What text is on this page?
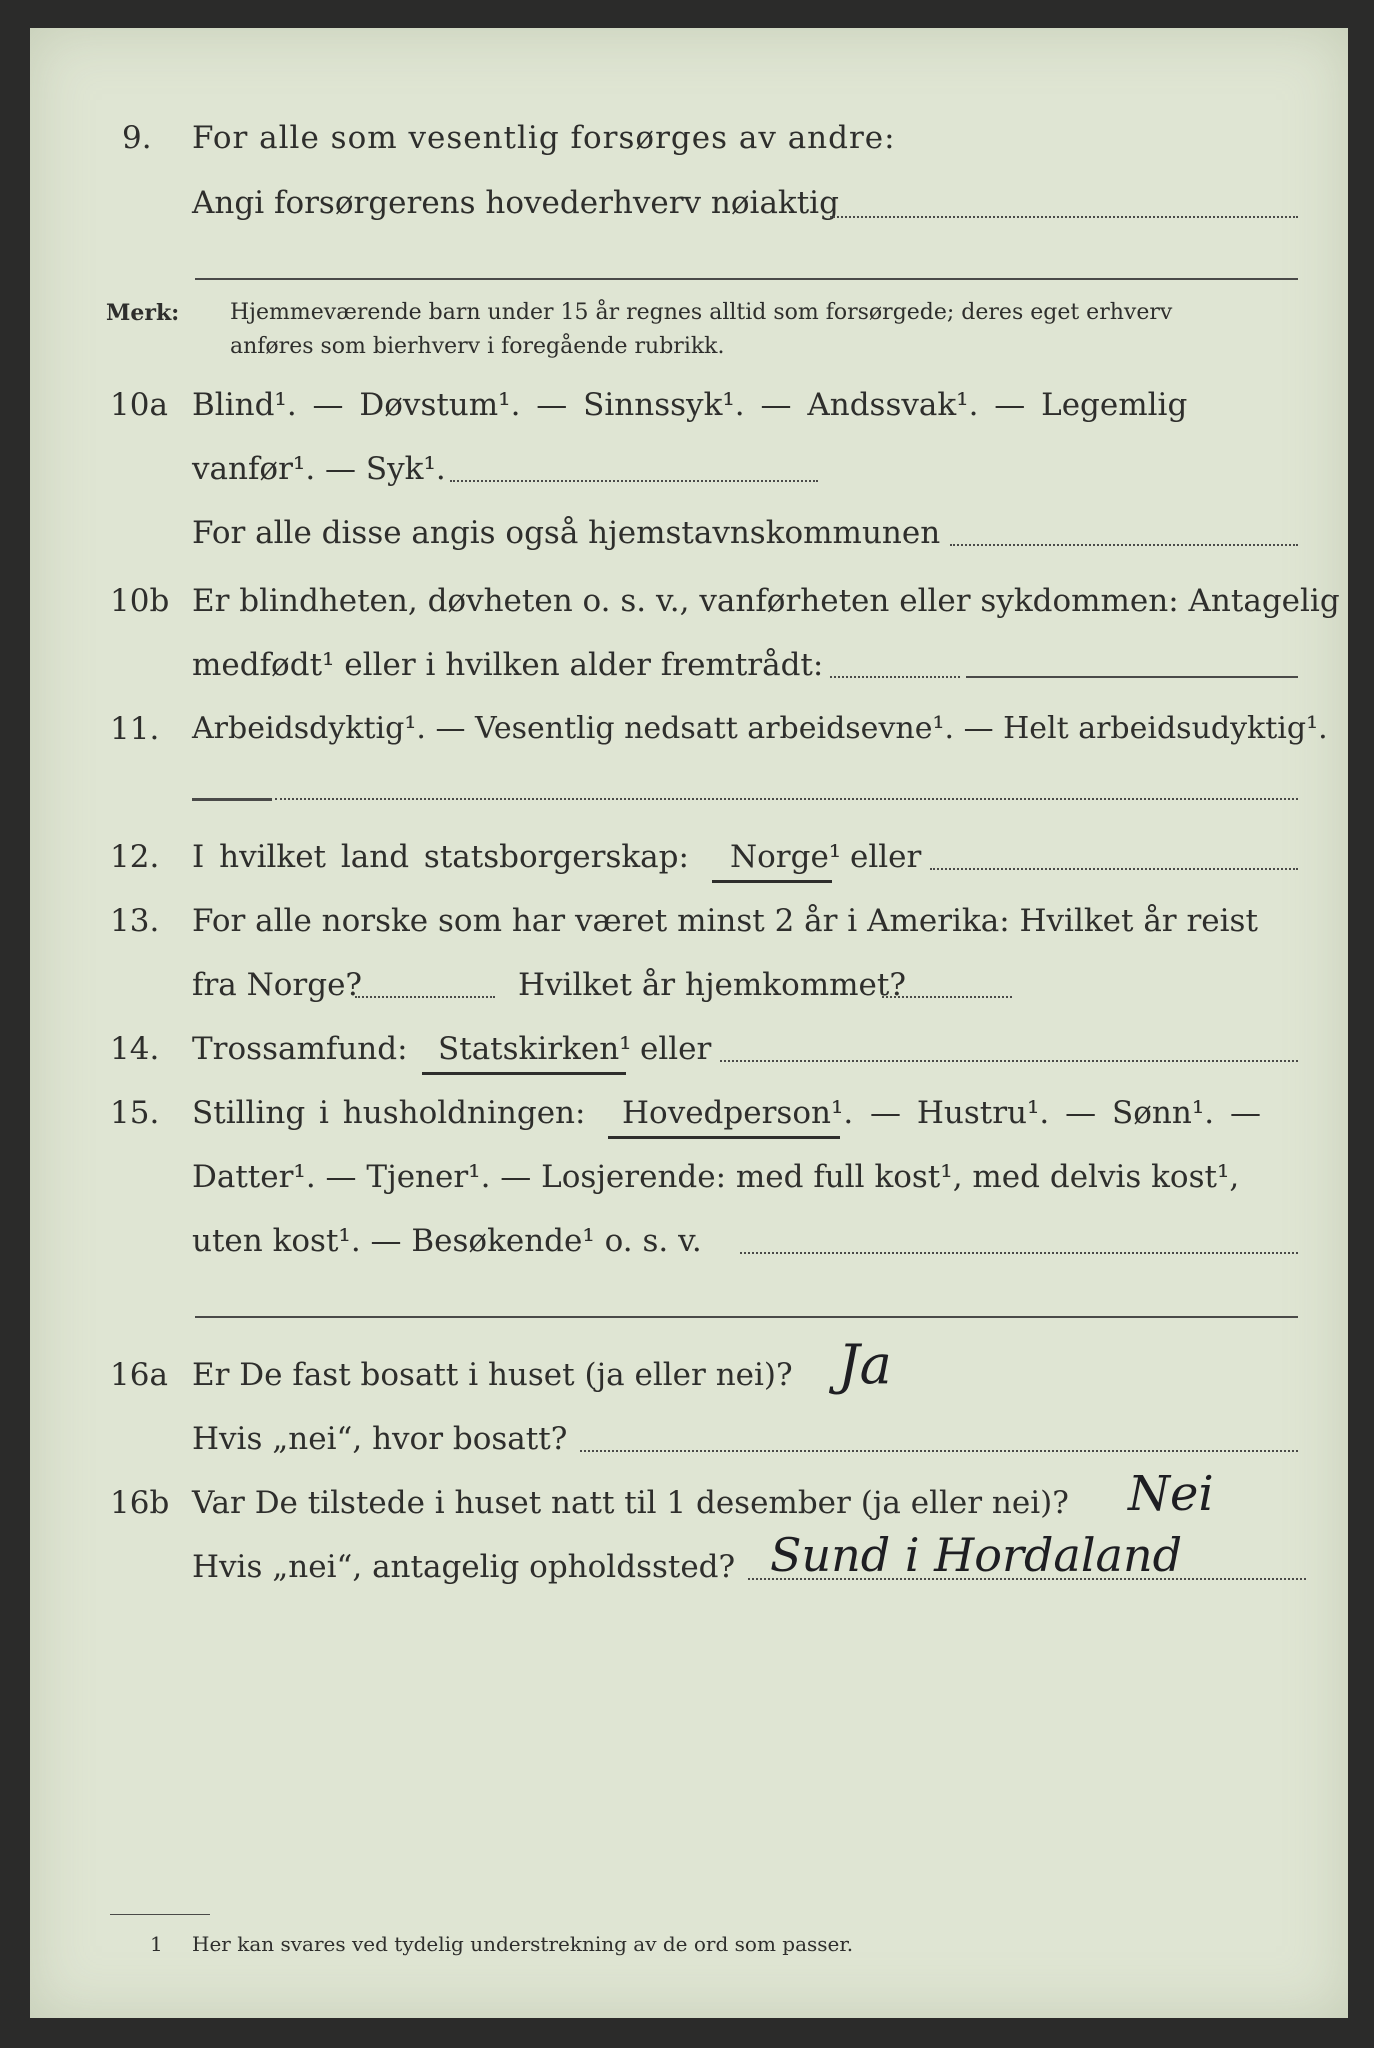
9. For alle som vesentlig forsørges av andre:
Angi forsørgerens hovederhverv nøiaktig
Merk: Hjemmeværende barn under 15 år regnes alltid som forsørgede; deres eget erhverv
anføres som bierhverv i foregående rubrikk.
10a Blind¹. — Døvstum¹. — Sinnssyk¹. — Andssvak¹. — Legemlig
vanfør¹. — Syk¹.
For alle disse angis også hjemstavnskommunen
10b Er blindheten, døvheten o. s. v., vanførheten eller sykdommen: Antagelig
medfødt¹ eller i hvilken alder fremtrådt:
11. Arbeidsdyktig¹. — Vesentlig nedsatt arbeidsevne¹. — Helt arbeidsudyktig¹.
12. I hvilket land statsborgerskap: Norge¹ eller
13. For alle norske som har været minst 2 år i Amerika: Hvilket år reist
fra Norge?	Hvilket år hjemkommet?
14. Trossamfund: Statskirken¹ eller
15. Stilling i husholdningen: Hovedperson¹. — Hustru¹. — Sønn¹. —
Datter¹. — Tjener¹. — Losjerende: med full kost¹, med delvis kost¹,
uten kost¹. — Besøkende¹ o. s. v.
16a Er De fast bosatt i huset (ja eller nei)? Ja
Hvis „nei“, hvor bosatt?
16b Var De tilstede i huset natt til 1 desember (ja eller nei)? Nei
Hvis „nei“, antagelig opholdssted? Sund i Hordaland
1 Her kan svares ved tydelig understrekning av de ord som passer.
